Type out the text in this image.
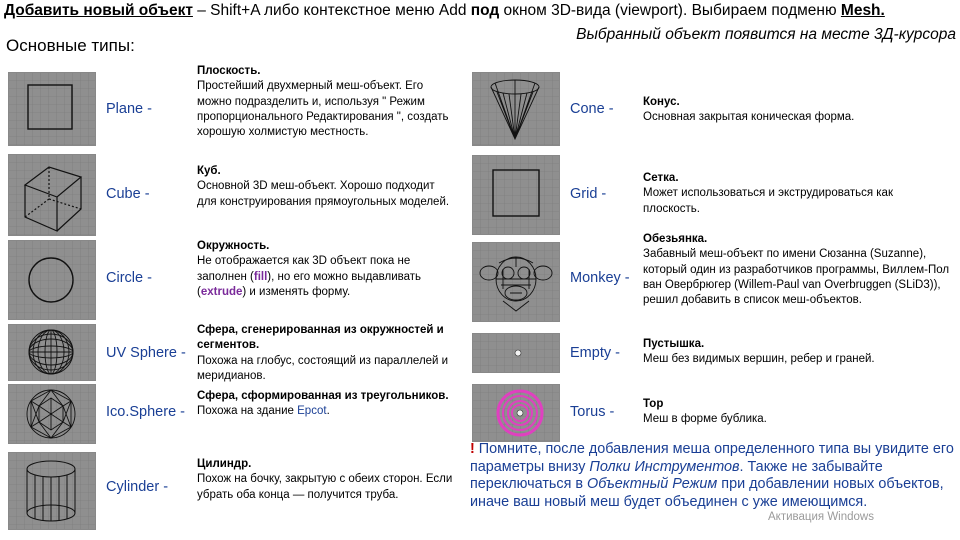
Добавить новый объект – Shift+A либо контекстное меню Add под окном 3D-вида (viewport). Выбираем подменю Mesh.
Выбранный объект появится на месте 3Д-курсора
Основные типы:
Plane -
Плоскость.
Простейший двухмерный меш-объект. Его можно подразделить и, используя " Режим пропорционального Редактирования ", создать хорошую холмистую местность.
Cube -
Куб.
Основной 3D меш-объект. Хорошо подходит для конструирования прямоугольных моделей.
Circle -
Окружность.
Не отображается как 3D объект пока не заполнен (fill), но его можно выдавливать (extrude) и изменять форму.
UV Sphere -
Сфера, сгенерированная из окружностей и сегментов.
Похожа на глобус, состоящий из параллелей и меридианов.
Ico.Sphere -
Сфера, сформированная из треугольников.
Похожа на здание Epcot.
Cylinder -
Цилиндр.
Похож на бочку, закрытую с обеих сторон. Если убрать оба конца — получится труба.
Cone -	Конус.
Основная закрытая коническая форма.
Grid -
Сетка.
Может использоваться и экструдироваться как плоскость.
Monkey -
Обезьянка.
Забавный меш-объект по имени Сюзанна (Suzanne), который один из разработчиков программы, Виллем-Пол ван Овербрюгер (Willem-Paul van Overbruggen (SLiD3)), решил добавить в список меш-объектов.
Empty -
Пустышка.
Меш без видимых вершин, ребер и граней.
Torus - Тор
Меш в форме бублика.
! Помните, после добавления меша определенного типа вы увидите его параметры внизу Полки Инструментов. Также не забывайте переключаться в Объектный Режим при добавлении новых объектов, иначе ваш новый меш будет объединен с уже имеющимся.
Активация Windows
